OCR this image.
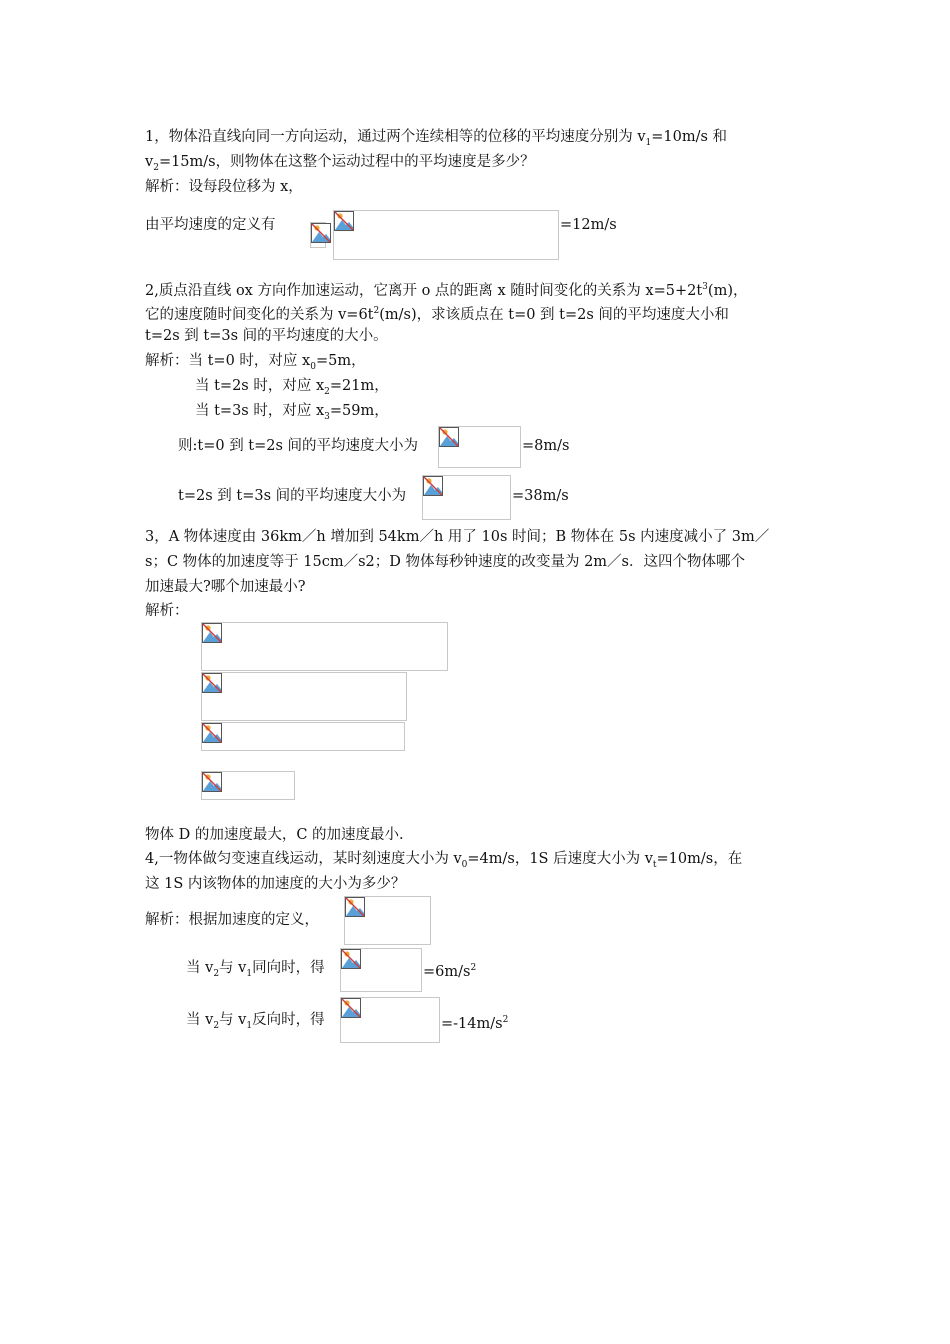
1，物体沿直线向同一方向运动，通过两个连续相等的位移的平均速度分别为 $v_1=10m/s$ 和
$v_2=15m/s$，则物体在这整个运动过程中的平均速度是多少？
解析：设每段位移为 x，
由平均速度的定义有	=12m/s
2,质点沿直线 ox 方向作加速运动，它离开 o 点的距离 x 随时间变化的关系为 $x=5+2t^3(m)$，
它的速度随时间变化的关系为 $v=6t^2(m/s)$，求该质点在 t=0 到 t=2s 间的平均速度大小和
t=2s 到 t=3s 间的平均速度的大小。
解析：当 t=0 时，对应 $x_0=5m$，
当 t=2s 时，对应 $x_2=21m$，
当 t=3s 时，对应 $x_3=59m$，
则:t=0 到 t=2s 间的平均速度大小为	=8m/s
t=2s 到 t=3s 间的平均速度大小为	=38m/s
3，A 物体速度由 36km／h 增加到 54km／h 用了 10s 时间；B 物体在 5s 内速度减小了 3m／
s；C 物体的加速度等于 15cm／s2；D 物体每秒钟速度的改变量为 2m／s．这四个物体哪个
加速最大?哪个加速最小?
解析：
物体 D 的加速度最大，C 的加速度最小.
4,一物体做匀变速直线运动，某时刻速度大小为 $v_0=4m/s$，1S 后速度大小为 $v_t=10m/s$，在
这 1S 内该物体的加速度的大小为多少？
解析：根据加速度的定义，
当 $v_2$与 $v_1$同向时，得	$=6m/s^2$
当 $v_2$与 $v_1$反向时，得	$=-14m/s^2$
